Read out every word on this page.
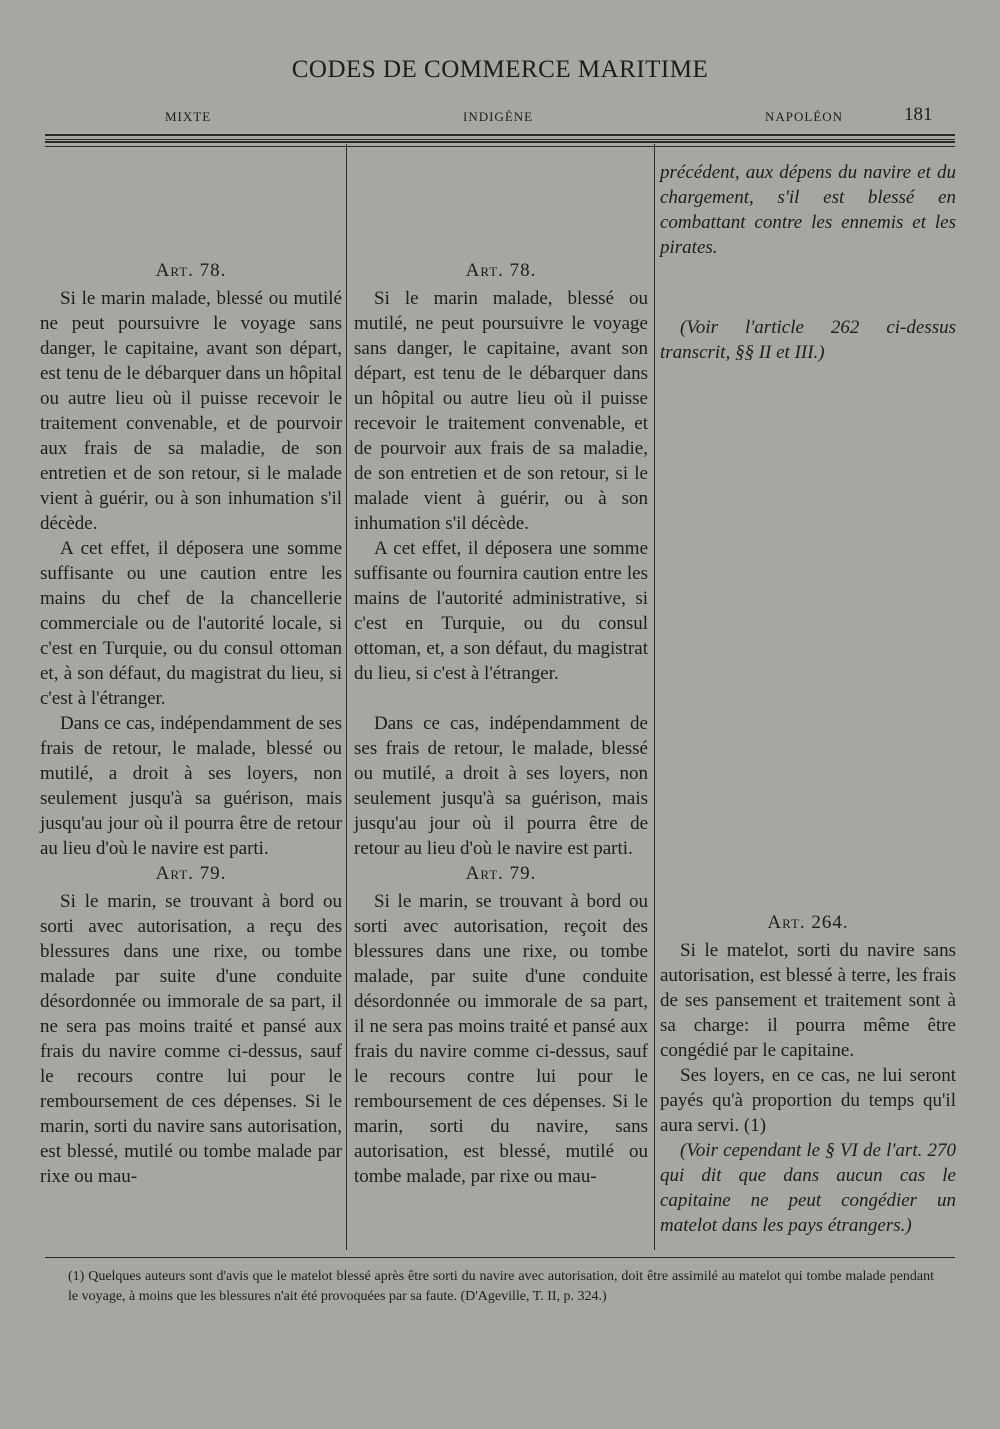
CODES DE COMMERCE MARITIME
MIXTE	INDIGÈNE	NAPOLÉON	181

Art. 78.

Si le marin malade, blessé ou mutilé ne peut poursuivre le voyage sans danger, le capitaine, avant son départ, est tenu de le débarquer dans un hôpital ou autre lieu où il puisse recevoir le traitement convenable, et de pourvoir aux frais de sa maladie, de son entretien et de son retour, si le malade vient à guérir, ou à son inhumation s'il décède.

A cet effet, il déposera une somme suffisante ou une caution entre les mains du chef de la chancellerie commerciale ou de l'autorité locale, si c'est en Turquie, ou du consul ottoman et, à son défaut, du magistrat du lieu, si c'est à l'étranger.

Dans ce cas, indépendamment de ses frais de retour, le malade, blessé ou mutilé, a droit à ses loyers, non seulement jusqu'à sa guérison, mais jusqu'au jour où il pourra être de retour au lieu d'où le navire est parti.

Art. 79.

Si le marin, se trouvant à bord ou sorti avec autorisation, a reçu des blessures dans une rixe, ou tombe malade par suite d'une conduite désordonnée ou immorale de sa part, il ne sera pas moins traité et pansé aux frais du navire comme ci-dessus, sauf le recours contre lui pour le remboursement de ces dépenses. Si le marin, sorti du navire sans autorisation, est blessé, mutilé ou tombe malade par rixe ou mau-

Art. 78.

Si le marin malade, blessé ou mutilé, ne peut poursuivre le voyage sans danger, le capitaine, avant son départ, est tenu de le débarquer dans un hôpital ou autre lieu où il puisse recevoir le traitement convenable, et de pourvoir aux frais de sa maladie, de son entretien et de son retour, si le malade vient à guérir, ou à son inhumation s'il décède.

A cet effet, il déposera une somme suffisante ou fournira caution entre les mains de l'autorité administrative, si c'est en Turquie, ou du consul ottoman, et, a son défaut, du magistrat du lieu, si c'est à l'étranger.

Dans ce cas, indépendamment de ses frais de retour, le malade, blessé ou mutilé, a droit à ses loyers, non seulement jusqu'à sa guérison, mais jusqu'au jour où il pourra être de retour au lieu d'où le navire est parti.

Art. 79.

Si le marin, se trouvant à bord ou sorti avec autorisation, reçoit des blessures dans une rixe, ou tombe malade, par suite d'une conduite désordonnée ou immorale de sa part, il ne sera pas moins traité et pansé aux frais du navire comme ci-dessus, sauf le recours contre lui pour le remboursement de ces dépenses. Si le marin, sorti du navire, sans autorisation, est blessé, mutilé ou tombe malade, par rixe ou mau-

précédent, aux dépens du navire et du chargement, s'il est blessé en combattant contre les ennemis et les pirates.

(Voir l'article 262 ci-dessus transcrit, §§ II et III.)

Art. 264.

Si le matelot, sorti du navire sans autorisation, est blessé à terre, les frais de ses pansement et traitement sont à sa charge: il pourra même être congédié par le capitaine.

Ses loyers, en ce cas, ne lui seront payés qu'à proportion du temps qu'il aura servi. (1)

(Voir cependant le § VI de l'art. 270 qui dit que dans aucun cas le capitaine ne peut congédier un matelot dans les pays étrangers.)

(1) Quelques auteurs sont d'avis que le matelot blessé après être sorti du navire avec autorisation, doit être assimilé au matelot qui tombe malade pendant le voyage, à moins que les blessures n'ait été provoquées par sa faute. (D'Ageville, T. II, p. 324.)
